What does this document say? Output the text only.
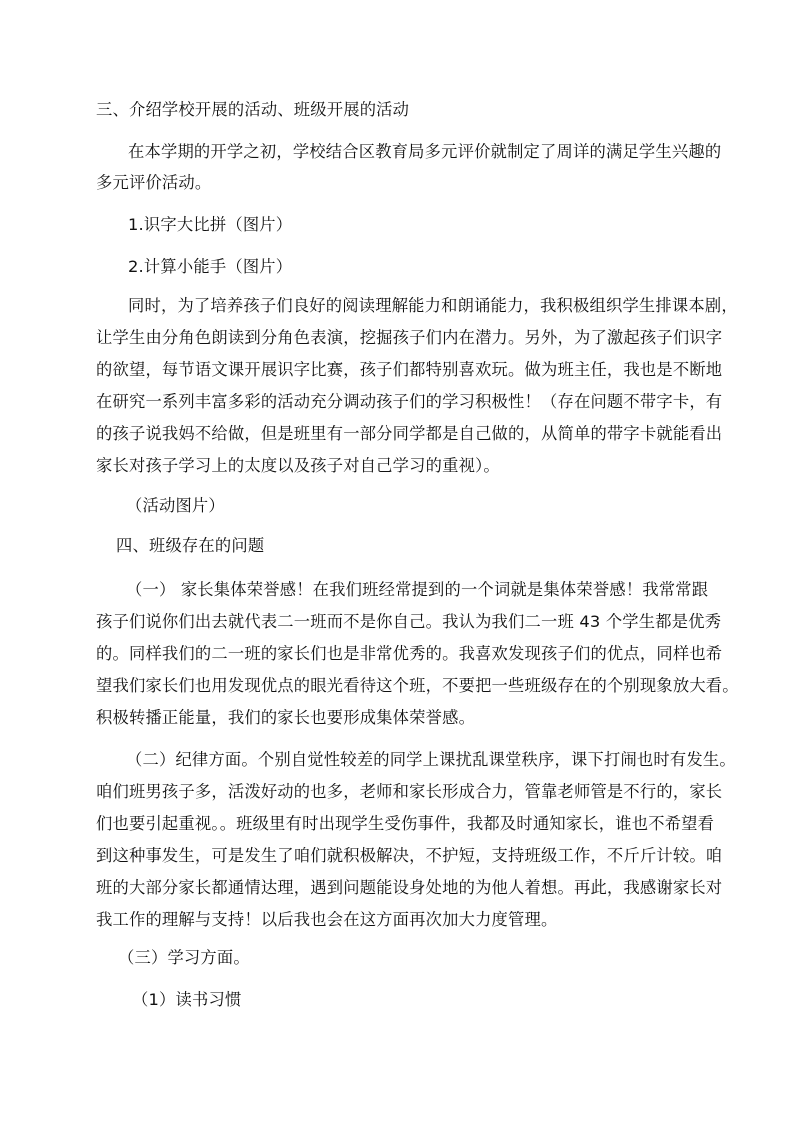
三、介绍学校开展的活动、班级开展的活动
在本学期的开学之初，学校结合区教育局多元评价就制定了周详的满足学生兴趣的
多元评价活动。
1.识字大比拼（图片）
2.计算小能手（图片）
同时，为了培养孩子们良好的阅读理解能力和朗诵能力，我积极组织学生排课本剧，
让学生由分角色朗读到分角色表演，挖掘孩子们内在潜力。另外，为了激起孩子们识字
的欲望，每节语文课开展识字比赛，孩子们都特别喜欢玩。做为班主任，我也是不断地
在研究一系列丰富多彩的活动充分调动孩子们的学习积极性！（存在问题不带字卡，有
的孩子说我妈不给做，但是班里有一部分同学都是自己做的，从简单的带字卡就能看出
家长对孩子学习上的太度以及孩子对自己学习的重视）。
（活动图片）
四、班级存在的问题
（一） 家长集体荣誉感！在我们班经常提到的一个词就是集体荣誉感！我常常跟
孩子们说你们出去就代表二一班而不是你自己。我认为我们二一班 43 个学生都是优秀
的。同样我们的二一班的家长们也是非常优秀的。我喜欢发现孩子们的优点，同样也希
望我们家长们也用发现优点的眼光看待这个班，不要把一些班级存在的个别现象放大看。
积极转播正能量，我们的家长也要形成集体荣誉感。
（二）纪律方面。个别自觉性较差的同学上课扰乱课堂秩序，课下打闹也时有发生。
咱们班男孩子多，活泼好动的也多，老师和家长形成合力，管靠老师管是不行的，家长
们也要引起重视。。班级里有时出现学生受伤事件，我都及时通知家长，谁也不希望看
到这种事发生，可是发生了咱们就积极解决，不护短，支持班级工作，不斤斤计较。咱
班的大部分家长都通情达理，遇到问题能设身处地的为他人着想。再此，我感谢家长对
我工作的理解与支持！以后我也会在这方面再次加大力度管理。
（三）学习方面。
（1）读书习惯
